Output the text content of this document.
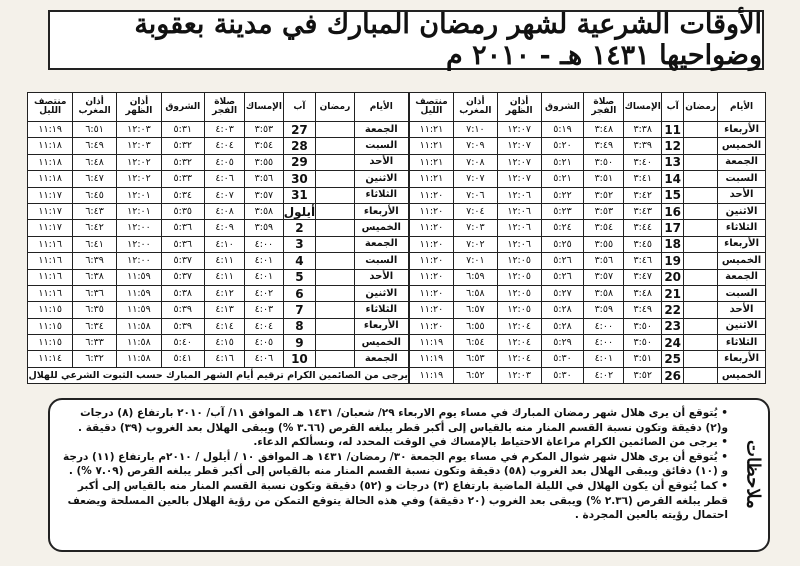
الأوقات الشرعية لشهر رمضان المبارك في مدينة بعقوبة وضواحيها ١٤٣١ هـ - ٢٠١٠ م
الأيام	رمضان	آب	الإمساك	صلاة الفجر	الشروق	أذان الظهر	أذان المغرب	منتصف الليل
الأربعاء		11	٣:٣٨	٣:٤٨	٥:١٩	١٢:٠٧	٧:١٠	١١:٢١
الخميس		12	٣:٣٩	٣:٤٩	٥:٢٠	١٢:٠٧	٧:٠٩	١١:٢١
الجمعة		13	٣:٤٠	٣:٥٠	٥:٢١	١٢:٠٧	٧:٠٨	١١:٢١
السبت		14	٣:٤١	٣:٥١	٥:٢١	١٢:٠٧	٧:٠٧	١١:٢١
الأحد		15	٣:٤٢	٣:٥٢	٥:٢٢	١٢:٠٦	٧:٠٦	١١:٢٠
الاثنين		16	٣:٤٣	٣:٥٣	٥:٢٣	١٢:٠٦	٧:٠٤	١١:٢٠
الثلاثاء		17	٣:٤٤	٣:٥٤	٥:٢٤	١٢:٠٦	٧:٠٣	١١:٢٠
الأربعاء		18	٣:٤٥	٣:٥٥	٥:٢٥	١٢:٠٦	٧:٠٢	١١:٢٠
الخميس		19	٣:٤٦	٣:٥٦	٥:٢٦	١٢:٠٥	٧:٠١	١١:٢٠
الجمعة		20	٣:٤٧	٣:٥٧	٥:٢٦	١٢:٠٥	٦:٥٩	١١:٢٠
السبت		21	٣:٤٨	٣:٥٨	٥:٢٧	١٢:٠٥	٦:٥٨	١١:٢٠
الأحد		22	٣:٤٩	٣:٥٩	٥:٢٨	١٢:٠٥	٦:٥٧	١١:٢٠
الاثنين		23	٣:٥٠	٤:٠٠	٥:٢٨	١٢:٠٤	٦:٥٥	١١:٢٠
الثلاثاء		24	٣:٥٠	٤:٠٠	٥:٢٩	١٢:٠٤	٦:٥٤	١١:١٩
الأربعاء		25	٣:٥١	٤:٠١	٥:٣٠	١٢:٠٤	٦:٥٣	١١:١٩
الخميس		26	٣:٥٢	٤:٠٢	٥:٣٠	١٢:٠٣	٦:٥٢	١١:١٩
الأيام	رمضان	آب	الإمساك	صلاة الفجر	الشروق	أذان الظهر	أذان المغرب	منتصف الليل
الجمعة		27	٣:٥٣	٤:٠٣	٥:٣١	١٢:٠٣	٦:٥١	١١:١٩
السبت		28	٣:٥٤	٤:٠٤	٥:٣٢	١٢:٠٣	٦:٤٩	١١:١٨
الأحد		29	٣:٥٥	٤:٠٥	٥:٣٢	١٢:٠٢	٦:٤٨	١١:١٨
الاثنين		30	٣:٥٦	٤:٠٦	٥:٣٣	١٢:٠٢	٦:٤٧	١١:١٨
الثلاثاء		31	٣:٥٧	٤:٠٧	٥:٣٤	١٢:٠١	٦:٤٥	١١:١٧
الأربعاء		أيلول	٣:٥٨	٤:٠٨	٥:٣٥	١٢:٠١	٦:٤٣	١١:١٧
الخميس		2	٣:٥٩	٤:٠٩	٥:٣٦	١٢:٠٠	٦:٤٢	١١:١٧
الجمعة		3	٤:٠٠	٤:١٠	٥:٣٦	١٢:٠٠	٦:٤١	١١:١٦
السبت		4	٤:٠١	٤:١١	٥:٣٧	١٢:٠٠	٦:٣٩	١١:١٦
الأحد		5	٤:٠١	٤:١١	٥:٣٧	١١:٥٩	٦:٣٨	١١:١٦
الاثنين		6	٤:٠٢	٤:١٢	٥:٣٨	١١:٥٩	٦:٣٦	١١:١٦
الثلاثاء		7	٤:٠٣	٤:١٣	٥:٣٩	١١:٥٩	٦:٣٥	١١:١٥
الأربعاء		8	٤:٠٤	٤:١٤	٥:٣٩	١١:٥٨	٦:٣٤	١١:١٥
الخميس		9	٤:٠٥	٤:١٥	٥:٤٠	١١:٥٨	٦:٣٣	١١:١٥
الجمعة		10	٤:٠٦	٤:١٦	٥:٤١	١١:٥٨	٦:٣٢	١١:١٤
يرجى من الصائمين الكرام ترقيم أيام الشهر المبارك حسب الثبوت الشرعي للهلال								
ملاحظات

• يُتوقع أن يرى هلال شهر رمضان المبارك في مساء يوم الاربعاء ٢٩/ شعبان/ ١٤٣١ هـ الموافق ١١/ آب/ ٢٠١٠ بارتفاع (٨) درجات و(٢) دقيقة وتكون نسبة القسم المنار منه بالقياس إلى أكبر قطر يبلغه القرص (٣.٦٦ %) ويبقى الهلال بعد الغروب (٣٩) دقيقة .

• يرجى من الصائمين الكرام مراعاة الاحتياط بالإمساك في الوقت المحدد له، ونسألكم الدعاء.

• يُتوقع أن يرى هلال شهر شوال المكرم في مساء يوم الجمعة ٣٠/ رمضان/ ١٤٣١ هـ الموافق ١٠ / أيلول / ٢٠١٠م بارتفاع (١١) درجة و (١٠) دقائق ويبقى الهلال بعد الغروب (٥٨) دقيقة وتكون نسبة القسم المنار منه بالقياس إلى أكبر قطر يبلغه القرص (٧.٠٩ %) .

• كما يُتوقع أن يكون الهلال في الليلة الماضية بارتفاع (٣) درجات و (٥٢) دقيقة وتكون نسبة القسم المنار منه بالقياس إلى أكبر قطر يبلغه القرص (٢.٣٦ %) ويبقى بعد الغروب (٢٠ دقيقة) وفي هذه الحالة يتوقع التمكن من رؤية الهلال بالعين المسلحة ويضعف احتمال رؤيته بالعين المجردة .
